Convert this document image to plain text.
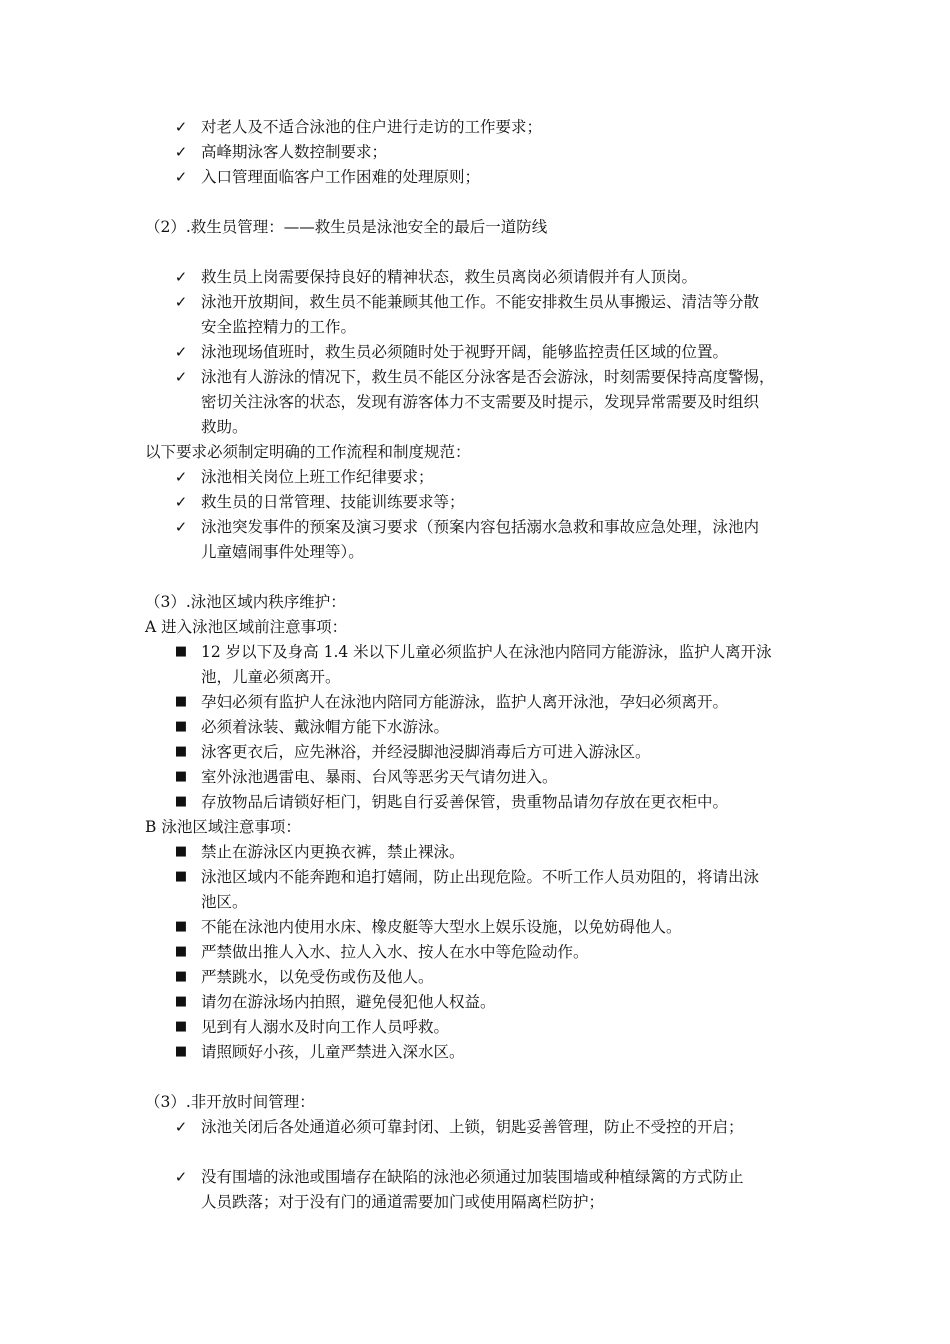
✓ 对老人及不适合泳池的住户进行走访的工作要求；
✓ 高峰期泳客人数控制要求；
✓ 入口管理面临客户工作困难的处理原则；
（2）.救生员管理：——救生员是泳池安全的最后一道防线
✓ 救生员上岗需要保持良好的精神状态，救生员离岗必须请假并有人顶岗。
✓ 泳池开放期间，救生员不能兼顾其他工作。不能安排救生员从事搬运、清洁等分散
安全监控精力的工作。
✓ 泳池现场值班时，救生员必须随时处于视野开阔，能够监控责任区域的位置。
✓ 泳池有人游泳的情况下，救生员不能区分泳客是否会游泳，时刻需要保持高度警惕，
密切关注泳客的状态，发现有游客体力不支需要及时提示，发现异常需要及时组织
救助。
以下要求必须制定明确的工作流程和制度规范：
✓ 泳池相关岗位上班工作纪律要求；
✓ 救生员的日常管理、技能训练要求等；
✓ 泳池突发事件的预案及演习要求（预案内容包括溺水急救和事故应急处理，泳池内
儿童嬉闹事件处理等）。
（3）.泳池区域内秩序维护：
A 进入泳池区域前注意事项：
■ 12 岁以下及身高 1.4 米以下儿童必须监护人在泳池内陪同方能游泳，监护人离开泳
池，儿童必须离开。
■ 孕妇必须有监护人在泳池内陪同方能游泳，监护人离开泳池，孕妇必须离开。
■ 必须着泳装、戴泳帽方能下水游泳。
■ 泳客更衣后，应先淋浴，并经浸脚池浸脚消毒后方可进入游泳区。
■ 室外泳池遇雷电、暴雨、台风等恶劣天气请勿进入。
■ 存放物品后请锁好柜门，钥匙自行妥善保管，贵重物品请勿存放在更衣柜中。
B 泳池区域注意事项：
■ 禁止在游泳区内更换衣裤，禁止裸泳。
■ 泳池区域内不能奔跑和追打嬉闹，防止出现危险。不听工作人员劝阻的，将请出泳
池区。
■ 不能在泳池内使用水床、橡皮艇等大型水上娱乐设施，以免妨碍他人。
■ 严禁做出推人入水、拉人入水、按人在水中等危险动作。
■ 严禁跳水，以免受伤或伤及他人。
■ 请勿在游泳场内拍照，避免侵犯他人权益。
■ 见到有人溺水及时向工作人员呼救。
■ 请照顾好小孩，儿童严禁进入深水区。
（3）.非开放时间管理：
✓ 泳池关闭后各处通道必须可靠封闭、上锁，钥匙妥善管理，防止不受控的开启；
✓ 没有围墙的泳池或围墙存在缺陷的泳池必须通过加装围墙或种植绿篱的方式防止
人员跌落；对于没有门的通道需要加门或使用隔离栏防护；
